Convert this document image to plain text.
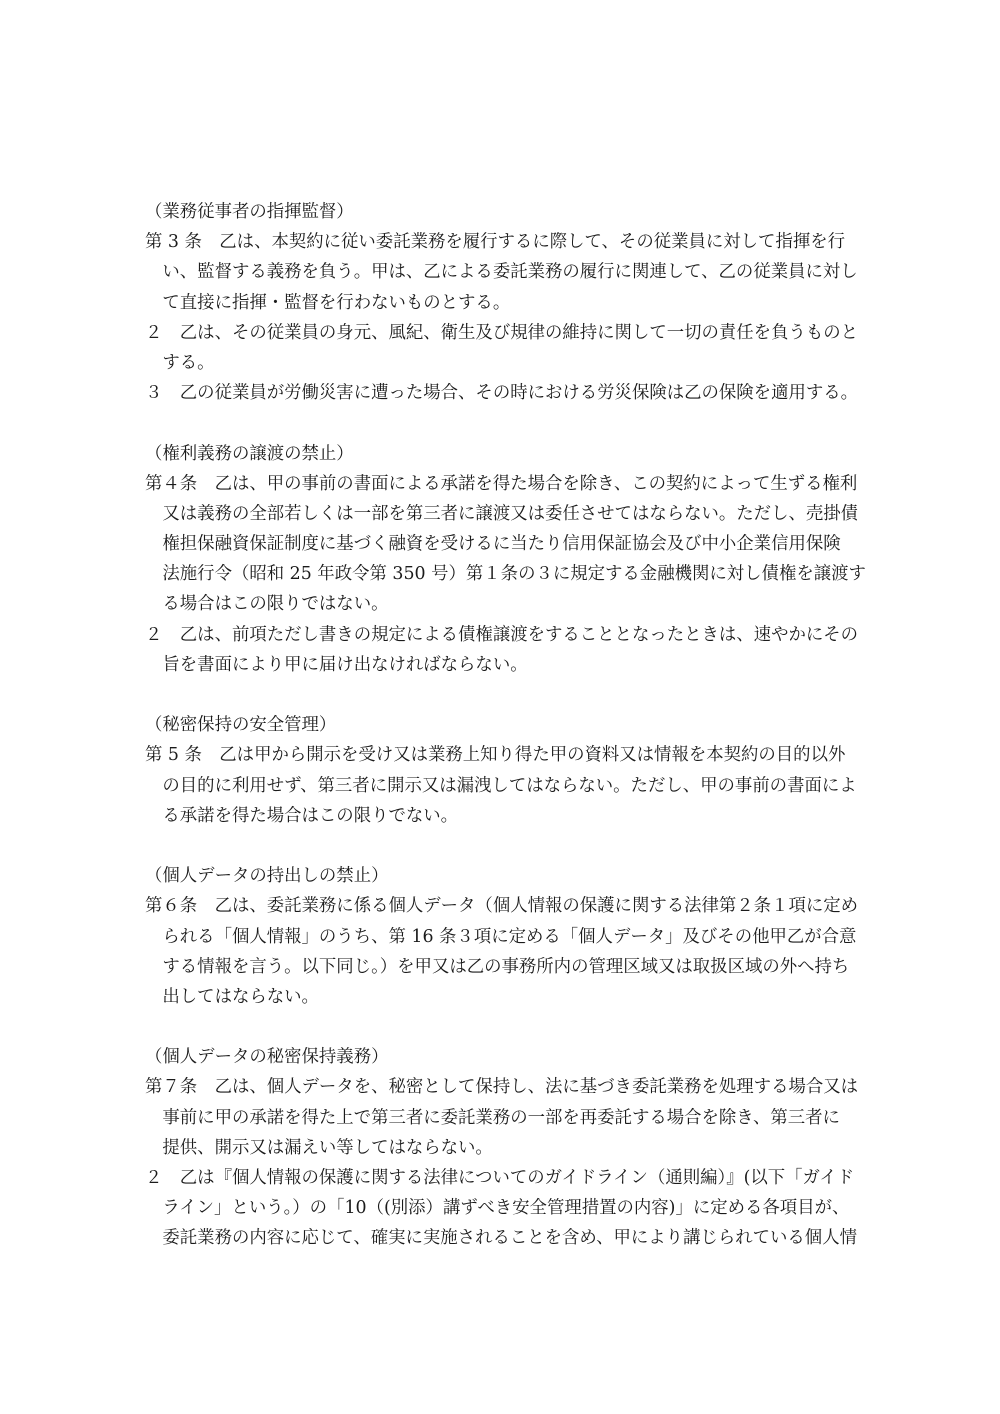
（業務従事者の指揮監督）
第 3 条　乙は、本契約に従い委託業務を履行するに際して、その従業員に対して指揮を行
い、監督する義務を負う。甲は、乙による委託業務の履行に関連して、乙の従業員に対し
て直接に指揮・監督を行わないものとする。
２　乙は、その従業員の身元、風紀、衛生及び規律の維持に関して一切の責任を負うものと
する。
３　乙の従業員が労働災害に遭った場合、その時における労災保険は乙の保険を適用する。
（権利義務の譲渡の禁止）
第４条　乙は、甲の事前の書面による承諾を得た場合を除き、この契約によって生ずる権利
又は義務の全部若しくは一部を第三者に譲渡又は委任させてはならない。ただし、売掛債
権担保融資保証制度に基づく融資を受けるに当たり信用保証協会及び中小企業信用保険
法施行令（昭和 25 年政令第 350 号）第１条の３に規定する金融機関に対し債権を譲渡す
る場合はこの限りではない。
２　乙は、前項ただし書きの規定による債権譲渡をすることとなったときは、速やかにその
旨を書面により甲に届け出なければならない。
（秘密保持の安全管理）
第 5 条　乙は甲から開示を受け又は業務上知り得た甲の資料又は情報を本契約の目的以外
の目的に利用せず、第三者に開示又は漏洩してはならない。ただし、甲の事前の書面によ
る承諾を得た場合はこの限りでない。
（個人データの持出しの禁止）
第６条　乙は、委託業務に係る個人データ（個人情報の保護に関する法律第２条１項に定め
られる「個人情報」のうち、第 16 条３項に定める「個人データ」及びその他甲乙が合意
する情報を言う。以下同じ。）を甲又は乙の事務所内の管理区域又は取扱区域の外へ持ち
出してはならない。
（個人データの秘密保持義務）
第７条　乙は、個人データを、秘密として保持し、法に基づき委託業務を処理する場合又は
事前に甲の承諾を得た上で第三者に委託業務の一部を再委託する場合を除き、第三者に
提供、開示又は漏えい等してはならない。
２　乙は『個人情報の保護に関する法律についてのガイドライン（通則編）』(以下「ガイド
ライン」という。）の「10（(別添）講ずべき安全管理措置の内容)」に定める各項目が、
委託業務の内容に応じて、確実に実施されることを含め、甲により講じられている個人情
